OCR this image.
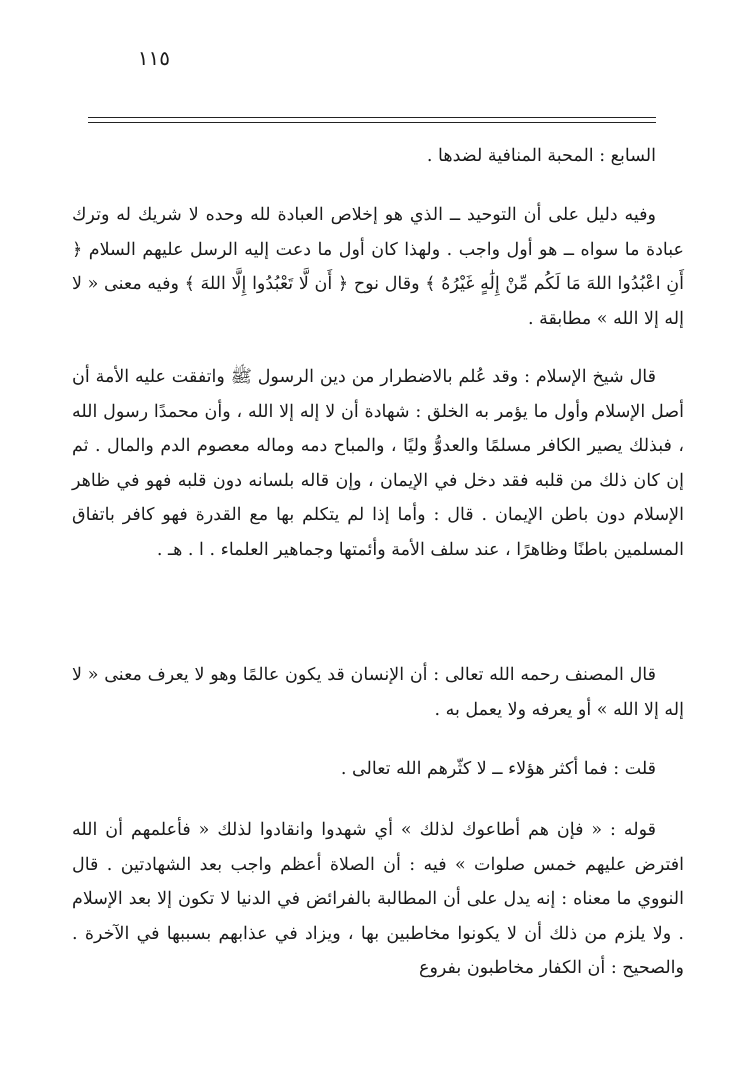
١١٥

السابع : المحبة المنافية لضدها .

وفيه دليل على أن التوحيد ــ الذي هو إخلاص العبادة لله وحده لا شريك له وترك عبادة ما سواه ــ هو أول واجب . ولهذا كان أول ما دعت إليه الرسل عليهم السلام ﴿ أَنِ اعْبُدُوا اللهَ مَا لَكُم مِّنْ إِلَٰهٍ غَيْرُهُ ﴾ وقال نوح ﴿ أَن لَّا تَعْبُدُوا إِلَّا اللهَ ﴾ وفيه معنى « لا إله إلا الله » مطابقة .

قال شيخ الإسلام : وقد عُلم بالاضطرار من دين الرسول ﷺ واتفقت عليه الأمة أن أصل الإسلام وأول ما يؤمر به الخلق : شهادة أن لا إله إلا الله ، وأن محمدًا رسول الله ، فبذلك يصير الكافر مسلمًا والعدوُّ وليًا ، والمباح دمه وماله معصوم الدم والمال . ثم إن كان ذلك من قلبه فقد دخل في الإيمان ، وإن قاله بلسانه دون قلبه فهو في ظاهر الإسلام دون باطن الإيمان . قال : وأما إذا لم يتكلم بها مع القدرة فهو كافر باتفاق المسلمين باطنًا وظاهرًا ، عند سلف الأمة وأئمتها وجماهير العلماء . ا . هـ .

قال المصنف رحمه الله تعالى : أن الإنسان قد يكون عالمًا وهو لا يعرف معنى « لا إله إلا الله » أو يعرفه ولا يعمل به .

قلت : فما أكثر هؤلاء ــ لا كثّرهم الله تعالى .

قوله : « فإن هم أطاعوك لذلك » أي شهدوا وانقادوا لذلك « فأعلمهم أن الله افترض عليهم خمس صلوات » فيه : أن الصلاة أعظم واجب بعد الشهادتين . قال النووي ما معناه : إنه يدل على أن المطالبة بالفرائض في الدنيا لا تكون إلا بعد الإسلام . ولا يلزم من ذلك أن لا يكونوا مخاطبين بها ، ويزاد في عذابهم بسببها في الآخرة . والصحيح : أن الكفار مخاطبون بفروع
